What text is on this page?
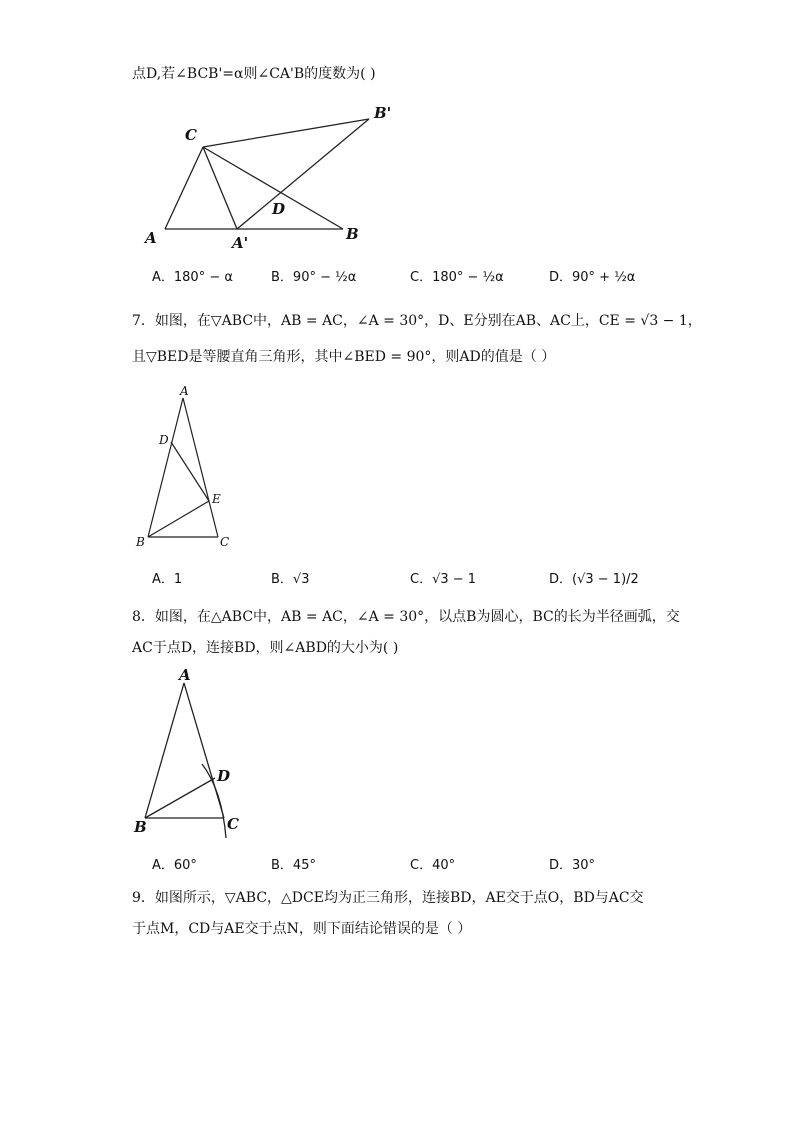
点D,若∠BCB'=α则∠CA'B的度数为( )
C
B'
D
A	A'	B
A．180° − α	B．90° − ½α	C．180° − ½α	D．90° + ½α
7．如图，在▽ABC中，AB = AC，∠A = 30°，D、E分别在AB、AC上，CE = √3 − 1，
且▽BED是等腰直角三角形，其中∠BED = 90°，则AD的值是（ ）
A
D
E
B	C
A．1	B．√3	C．√3 − 1	D．(√3 − 1)/2
8．如图，在△ABC中，AB = AC，∠A = 30°，以点B为圆心，BC的长为半径画弧，交
AC于点D，连接BD，则∠ABD的大小为( )
A
D
B	C
A．60°	B．45°	C．40°	D．30°
9．如图所示，▽ABC，△DCE均为正三角形，连接BD，AE交于点O，BD与AC交
于点M，CD与AE交于点N，则下面结论错误的是（ ）
